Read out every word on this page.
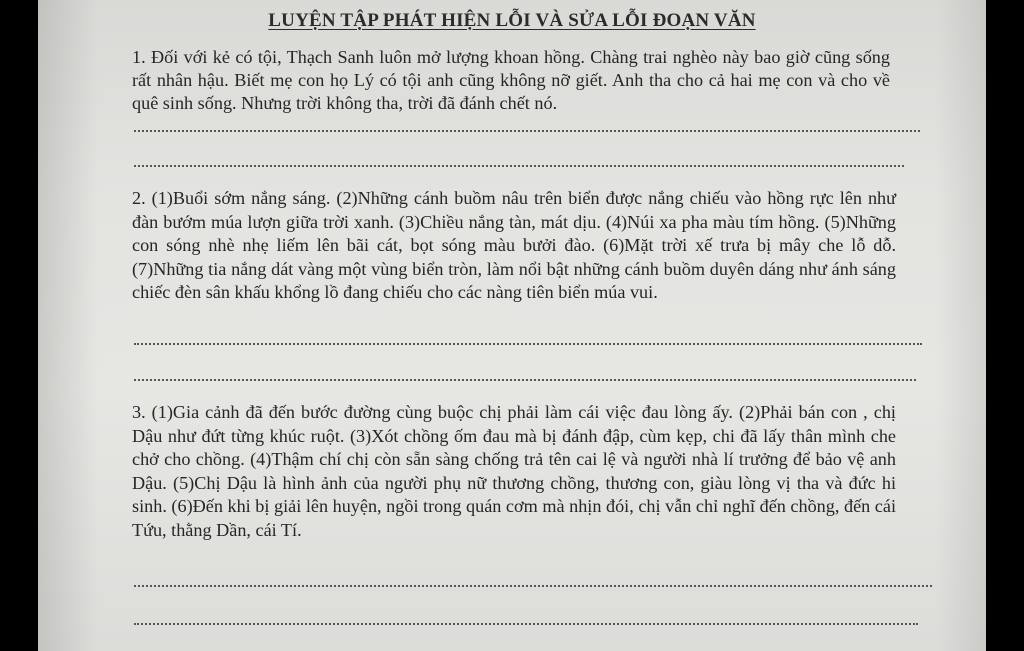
LUYỆN TẬP PHÁT HIỆN LỖI VÀ SỬA LỖI ĐOẠN VĂN

1. Đối với kẻ có tội, Thạch Sanh luôn mở lượng khoan hồng. Chàng trai nghèo này bao giờ cũng sống rất nhân hậu. Biết mẹ con họ Lý có tội anh cũng không nỡ giết. Anh tha cho cả hai mẹ con và cho về quê sinh sống. Nhưng trời không tha, trời đã đánh chết nó.

2. (1)Buổi sớm nắng sáng. (2)Những cánh buồm nâu trên biển được nắng chiếu vào hồng rực lên như đàn bướm múa lượn giữa trời xanh. (3)Chiều nắng tàn, mát dịu. (4)Núi xa pha màu tím hồng. (5)Những con sóng nhè nhẹ liếm lên bãi cát, bọt sóng màu bưởi đào. (6)Mặt trời xế trưa bị mây che lỗ dỗ. (7)Những tia nắng dát vàng một vùng biển tròn, làm nổi bật những cánh buồm duyên dáng như ánh sáng chiếc đèn sân khấu khổng lồ đang chiếu cho các nàng tiên biển múa vui.

3. (1)Gia cảnh đã đến bước đường cùng buộc chị phải làm cái việc đau lòng ấy. (2)Phải bán con , chị Dậu như đứt từng khúc ruột. (3)Xót chồng ốm đau mà bị đánh đập, cùm kẹp, chi đã lấy thân mình che chở cho chồng. (4)Thậm chí chị còn sẵn sàng chống trả tên cai lệ và người nhà lí trưởng để bảo vệ anh Dậu. (5)Chị Dậu là hình ảnh của người phụ nữ thương chồng, thương con, giàu lòng vị tha và đức hi sinh. (6)Đến khi bị giải lên huyện, ngồi trong quán cơm mà nhịn đói, chị vẫn chỉ nghĩ đến chồng, đến cái Tứu, thằng Dần, cái Tí.
